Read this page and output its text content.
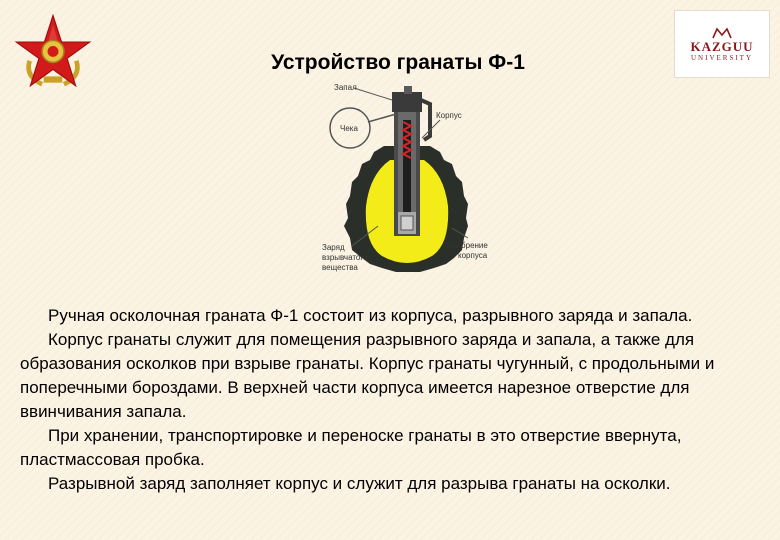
KAZGUU
UNIVERSITY
Устройство гранаты Ф-1
Запал
Чека
Корпус
Заряд
взрывчатого
вещества
Оребрение
корпуса

Ручная осколочная граната Ф-1 состоит из корпуса, разрывного заряда и запала.

Корпус гранаты служит для помещения разрывного заряда и запала, а также для образования осколков при взрыве гранаты. Корпус гранаты чугунный, с продольными и поперечными бороздами. В верхней части корпуса имеется нарезное отверстие для ввинчивания запала.

При хранении, транспортировке и переноске гранаты в это отверстие ввернута, пластмассовая пробка.

Разрывной заряд заполняет корпус и служит для разрыва гранаты на осколки.
